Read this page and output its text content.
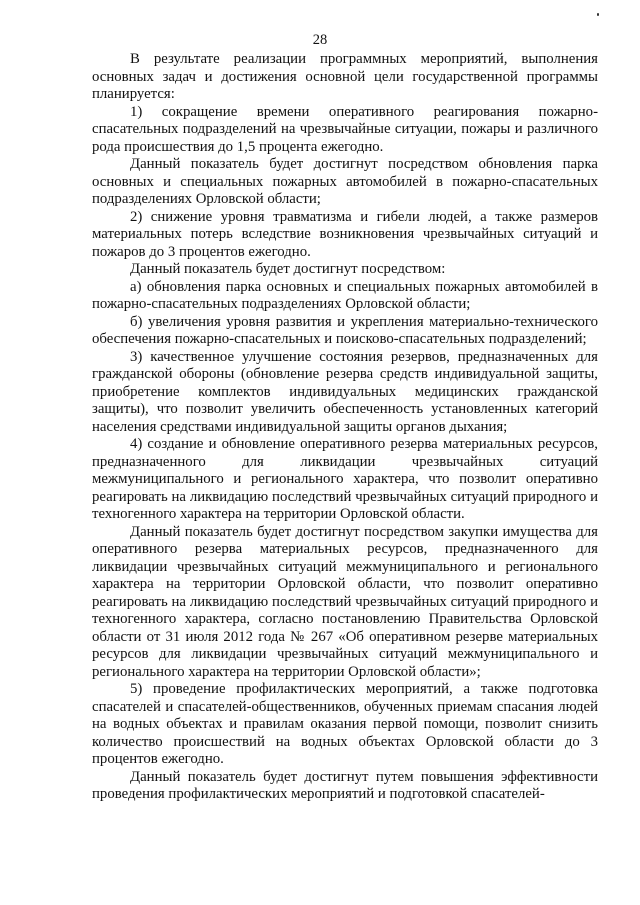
28

В результате реализации программных мероприятий, выполнения основных задач и достижения основной цели государственной программы планируется:

1) сокращение времени оперативного реагирования пожарно-спасательных подразделений на чрезвычайные ситуации, пожары и различного рода происшествия до 1,5 процента ежегодно.

Данный показатель будет достигнут посредством обновления парка основных и специальных пожарных автомобилей в пожарно-спасательных подразделениях Орловской области;

2) снижение уровня травматизма и гибели людей, а также размеров материальных потерь вследствие возникновения чрезвычайных ситуаций и пожаров до 3 процентов ежегодно.

Данный показатель будет достигнут посредством:

а) обновления парка основных и специальных пожарных автомобилей в пожарно-спасательных подразделениях Орловской области;

б) увеличения уровня развития и укрепления материально-технического обеспечения пожарно-спасательных и поисково-спасательных подразделений;

3) качественное улучшение состояния резервов, предназначенных для гражданской обороны (обновление резерва средств индивидуальной защиты, приобретение комплектов индивидуальных медицинских гражданской защиты), что позволит увеличить обеспеченность установленных категорий населения средствами индивидуальной защиты органов дыхания;

4) создание и обновление оперативного резерва материальных ресурсов, предназначенного для ликвидации чрезвычайных ситуаций межмуниципального и регионального характера, что позволит оперативно реагировать на ликвидацию последствий чрезвычайных ситуаций природного и техногенного характера на территории Орловской области.

Данный показатель будет достигнут посредством закупки имущества для оперативного резерва материальных ресурсов, предназначенного для ликвидации чрезвычайных ситуаций межмуниципального и регионального характера на территории Орловской области, что позволит оперативно реагировать на ликвидацию последствий чрезвычайных ситуаций природного и техногенного характера, согласно постановлению Правительства Орловской области от 31 июля 2012 года № 267 «Об оперативном резерве материальных ресурсов для ликвидации чрезвычайных ситуаций межмуниципального и регионального характера на территории Орловской области»;

5) проведение профилактических мероприятий, а также подготовка спасателей и спасателей-общественников, обученных приемам спасания людей на водных объектах и правилам оказания первой помощи, позволит снизить количество происшествий на водных объектах Орловской области до 3 процентов ежегодно.

Данный показатель будет достигнут путем повышения эффективности проведения профилактических мероприятий и подготовкой спасателей-
